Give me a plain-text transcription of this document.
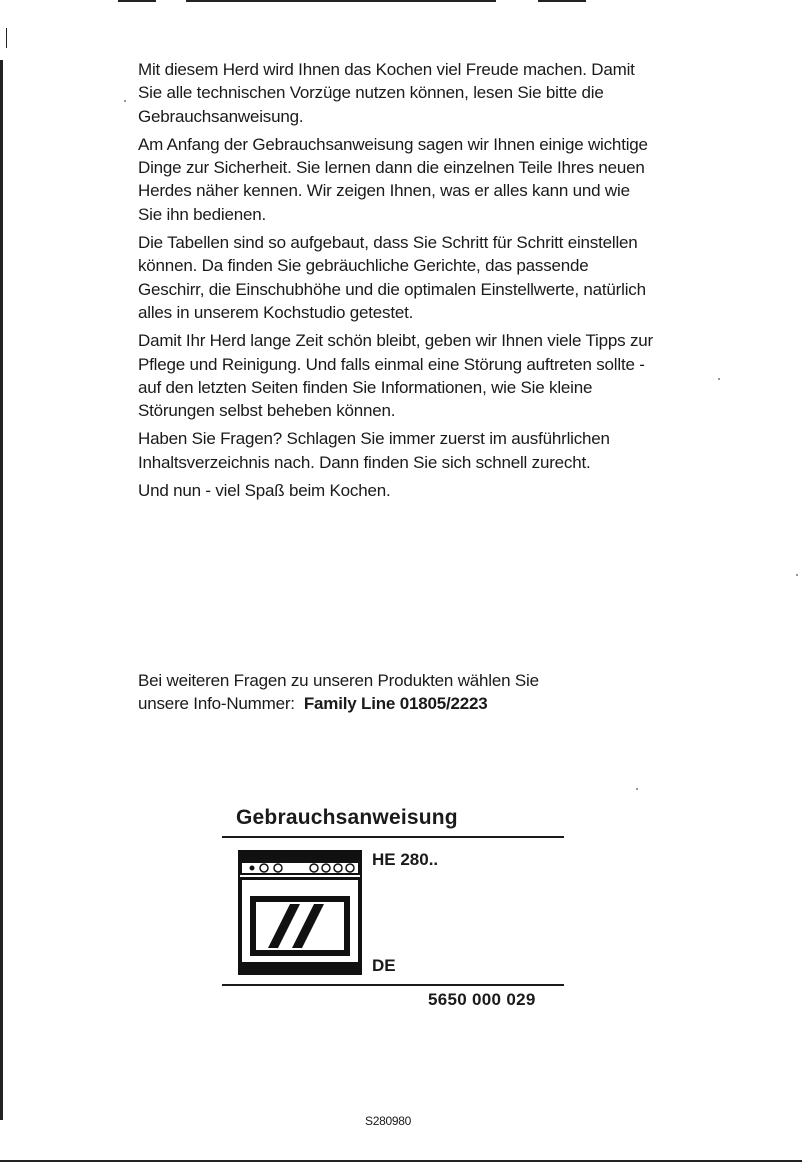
Mit diesem Herd wird Ihnen das Kochen viel Freude machen. Damit Sie alle technischen Vorzüge nutzen können, lesen Sie bitte die Gebrauchsanweisung.

Am Anfang der Gebrauchsanweisung sagen wir Ihnen einige wichtige Dinge zur Sicherheit. Sie lernen dann die einzelnen Teile Ihres neuen Herdes näher kennen. Wir zeigen Ihnen, was er alles kann und wie Sie ihn bedienen.

Die Tabellen sind so aufgebaut, dass Sie Schritt für Schritt einstellen können. Da finden Sie gebräuchliche Gerichte, das passende Geschirr, die Einschubhöhe und die optimalen Einstellwerte, natürlich alles in unserem Kochstudio getestet.

Damit Ihr Herd lange Zeit schön bleibt, geben wir Ihnen viele Tipps zur Pflege und Reinigung. Und falls einmal eine Störung auftreten sollte - auf den letzten Seiten finden Sie Informationen, wie Sie kleine Störungen selbst beheben können.

Haben Sie Fragen? Schlagen Sie immer zuerst im ausführlichen Inhaltsverzeichnis nach. Dann finden Sie sich schnell zurecht.

Und nun - viel Spaß beim Kochen.

Bei weiteren Fragen zu unseren Produkten wählen Sie
unsere Info-Nummer: Family Line 01805/2223
Gebrauchsanweisung
HE 280..
DE
5650 000 029
S280980
